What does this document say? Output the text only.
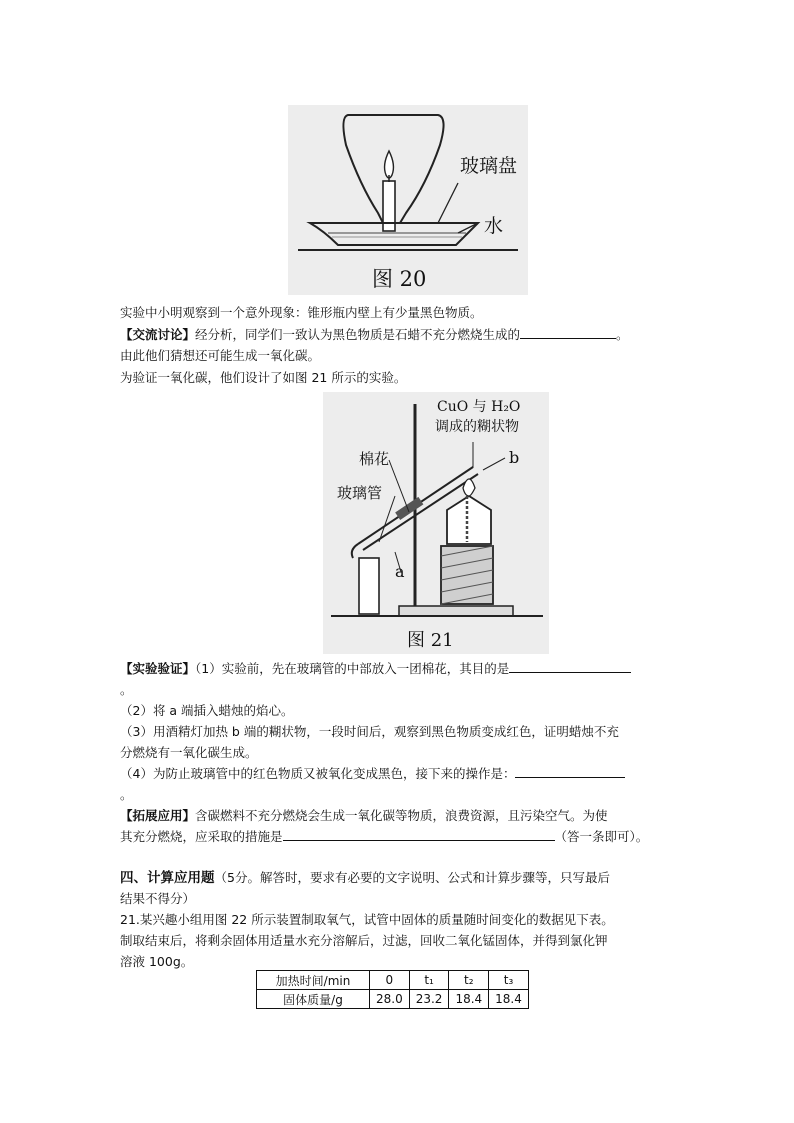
玻璃盘
水
图 20
实验中小明观察到一个意外现象：锥形瓶内壁上有少量黑色物质。
【交流讨论】经分析，同学们一致认为黑色物质是石蜡不充分燃烧生成的	。
由此他们猜想还可能生成一氧化碳。
为验证一氧化碳，他们设计了如图 21 所示的实验。
CuO 与 H₂O
调成的糊状物
b
棉花
玻璃管
a
图 21
【实验验证】（1）实验前，先在玻璃管的中部放入一团棉花，其目的是
。
（2）将 a 端插入蜡烛的焰心。
（3）用酒精灯加热 b 端的糊状物，一段时间后，观察到黑色物质变成红色，证明蜡烛不充
分燃烧有一氧化碳生成。
（4）为防止玻璃管中的红色物质又被氧化变成黑色，接下来的操作是：
。
【拓展应用】含碳燃料不充分燃烧会生成一氧化碳等物质，浪费资源，且污染空气。为使
其充分燃烧，应采取的措施是	（答一条即可）。
四、计算应用题（5分。解答时，要求有必要的文字说明、公式和计算步骤等，只写最后
结果不得分）
21.某兴趣小组用图 22 所示装置制取氧气，试管中固体的质量随时间变化的数据见下表。
制取结束后，将剩余固体用适量水充分溶解后，过滤，回收二氧化锰固体，并得到氯化钾
溶液 100g。
加热时间/min	0	t₁	t₂	t₃
固体质量/g	28.0	23.2	18.4	18.4
